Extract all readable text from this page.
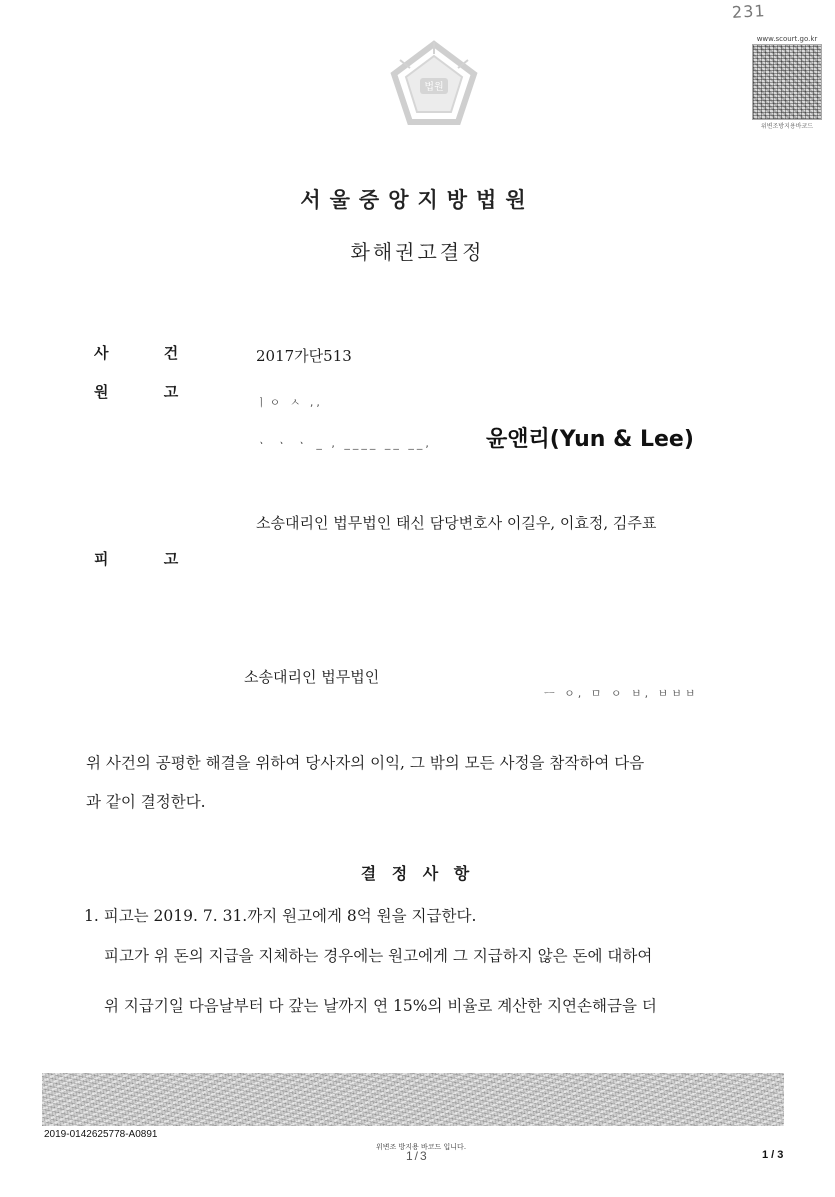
231
법원
www.scourt.go.kr
위변조방지용바코드
서울중앙지방법원
화해권고결정
사 건	2017가단513
원 고
ㅣㅇ ㅅ ,,
ㆍ ㆍ ㆍ _ , ____ __ __, 윤앤리(Yun & Lee)
소송대리인 법무법인 태신 담당변호사 이길우, 이효정, 김주표
피 고
소송대리인 법무법인
ㅡ ㅇ, ㅁ ㅇ ㅂ, ㅂㅂㅂ
위 사건의 공평한 해결을 위하여 당사자의 이익, 그 밖의 모든 사정을 참작하여 다음
과 같이 결정한다.
결 정 사 항
1. 피고는 2019. 7. 31.까지 원고에게 8억 원을 지급한다.
피고가 위 돈의 지급을 지체하는 경우에는 원고에게 그 지급하지 않은 돈에 대하여
위 지급기일 다음날부터 다 갚는 날까지 연 15%의 비율로 계산한 지연손해금을 더
2019-0142625778-A0891
위변조 방지용 바코드 입니다.
1/3	1 / 3
